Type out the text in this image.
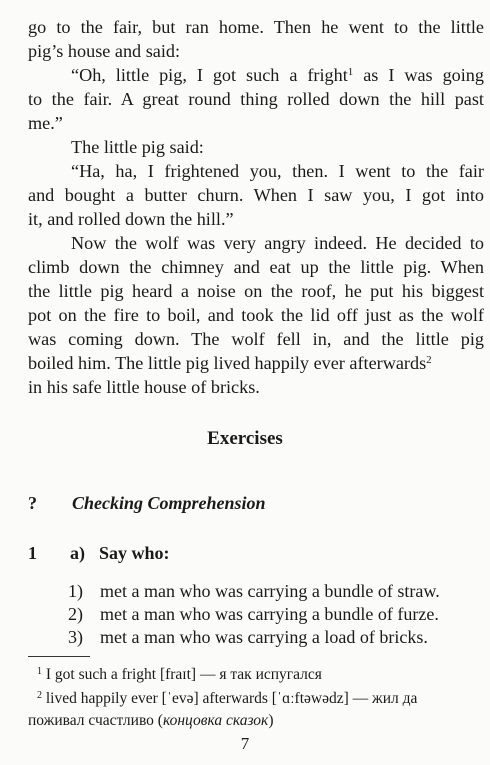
go to the fair, but ran home. Then he went to the little
pig’s house and said:
“Oh, little pig, I got such a fright$^1$ as I was going
to the fair. A great round thing rolled down the hill past
me.”
The little pig said:
“Ha, ha, I frightened you, then. I went to the fair
and bought a butter churn. When I saw you, I got into
it, and rolled down the hill.”
Now the wolf was very angry indeed. He decided to
climb down the chimney and eat up the little pig. When
the little pig heard a noise on the roof, he put his biggest
pot on the fire to boil, and took the lid off just as the wolf
was coming down. The wolf fell in, and the little pig
boiled him. The little pig lived happily ever afterwards$^2$
in his safe little house of bricks.
Exercises
? Checking Comprehension
1 a) Say who:
1) met a man who was carrying a bundle of straw.
2) met a man who was carrying a bundle of furze.
3) met a man who was carrying a load of bricks.
$^1$ I got such a fright [fraɪt] — я так испугался
$^2$ lived happily ever [ˈevə] afterwards [ˈɑːftəwədz] — жил да
поживал счастливо (концовка сказок)
7
